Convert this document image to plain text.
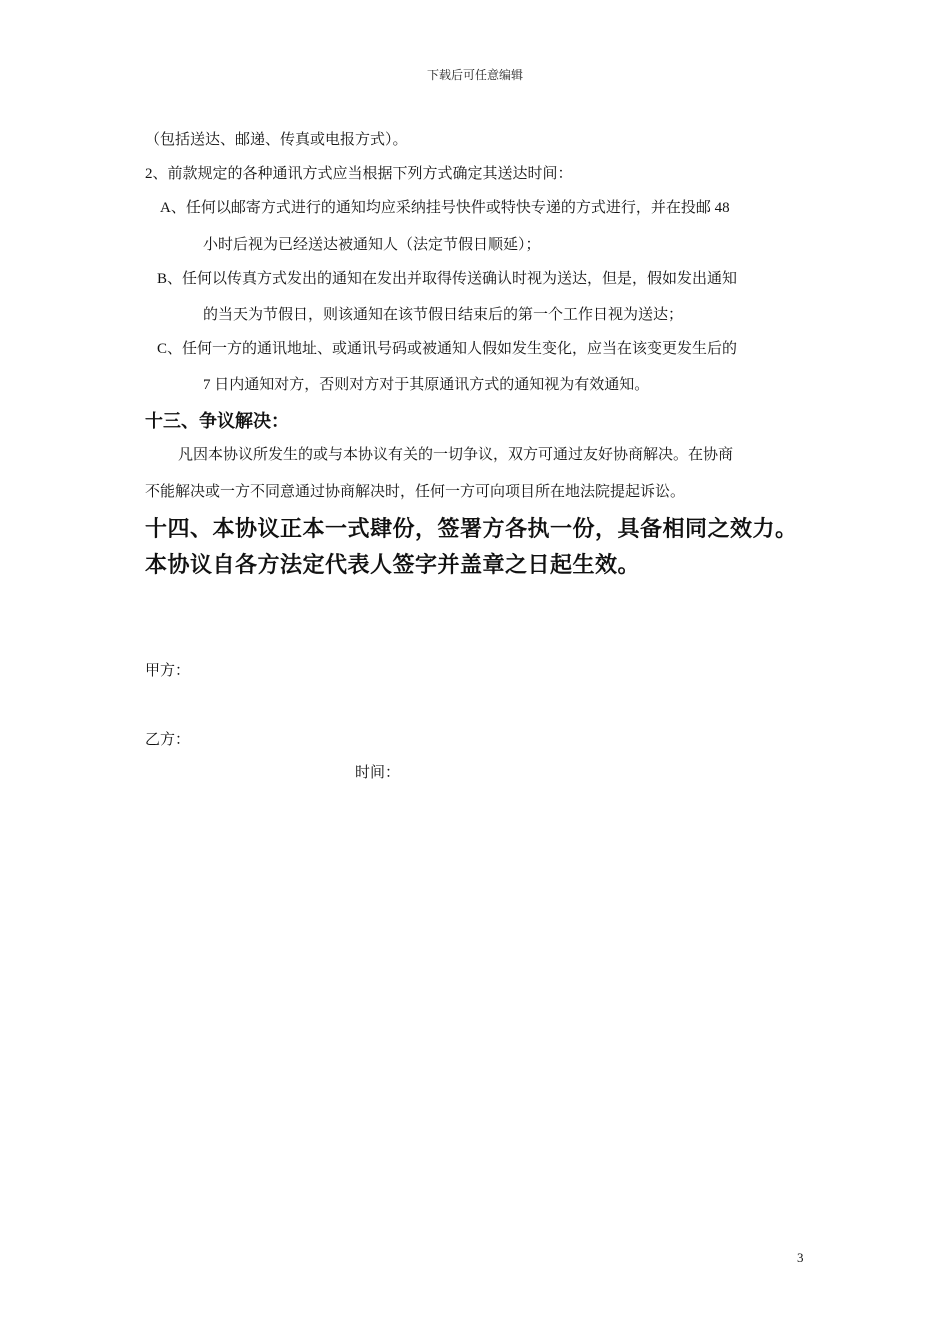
下载后可任意编辑
（包括送达、邮递、传真或电报方式）。
2、前款规定的各种通讯方式应当根据下列方式确定其送达时间：
A、任何以邮寄方式进行的通知均应采纳挂号快件或特快专递的方式进行，并在投邮 48
小时后视为已经送达被通知人（法定节假日顺延）；
B、任何以传真方式发出的通知在发出并取得传送确认时视为送达，但是，假如发出通知
的当天为节假日，则该通知在该节假日结束后的第一个工作日视为送达；
C、任何一方的通讯地址、或通讯号码或被通知人假如发生变化，应当在该变更发生后的
7 日内通知对方，否则对方对于其原通讯方式的通知视为有效通知。
十三、争议解决：
凡因本协议所发生的或与本协议有关的一切争议，双方可通过友好协商解决。在协商
不能解决或一方不同意通过协商解决时，任何一方可向项目所在地法院提起诉讼。
十四、本协议正本一式肆份，签署方各执一份，具备相同之效力。
本协议自各方法定代表人签字并盖章之日起生效。
甲方：
乙方：
时间：
3
